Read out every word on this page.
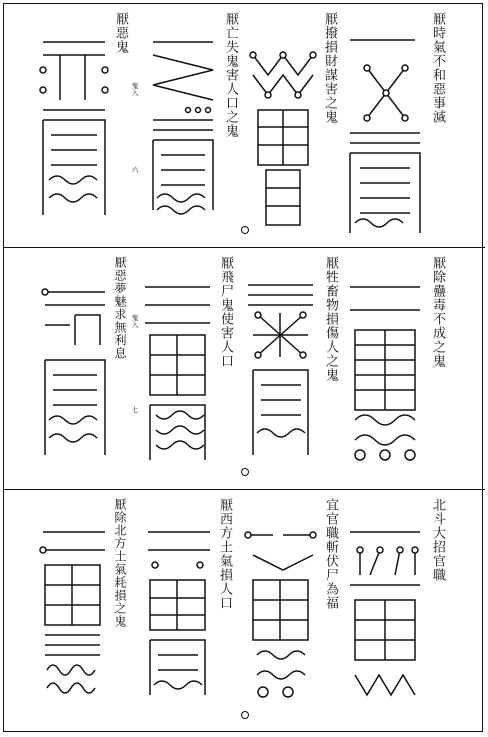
厭時氣不和惡事滅
厭撥損財謀害之鬼
厭亡失鬼害人口之鬼
厭惡鬼
厭除蠱毒不成之鬼
厭牲畜物損傷人之鬼
厭飛尸鬼使害人口
厭惡夢魅求無利息
北斗大招官職
宜官職斬伏尸為福
厭西方土氣損人口
厭除北方土氣耗損之鬼
鬼入
六
鬼入
七
